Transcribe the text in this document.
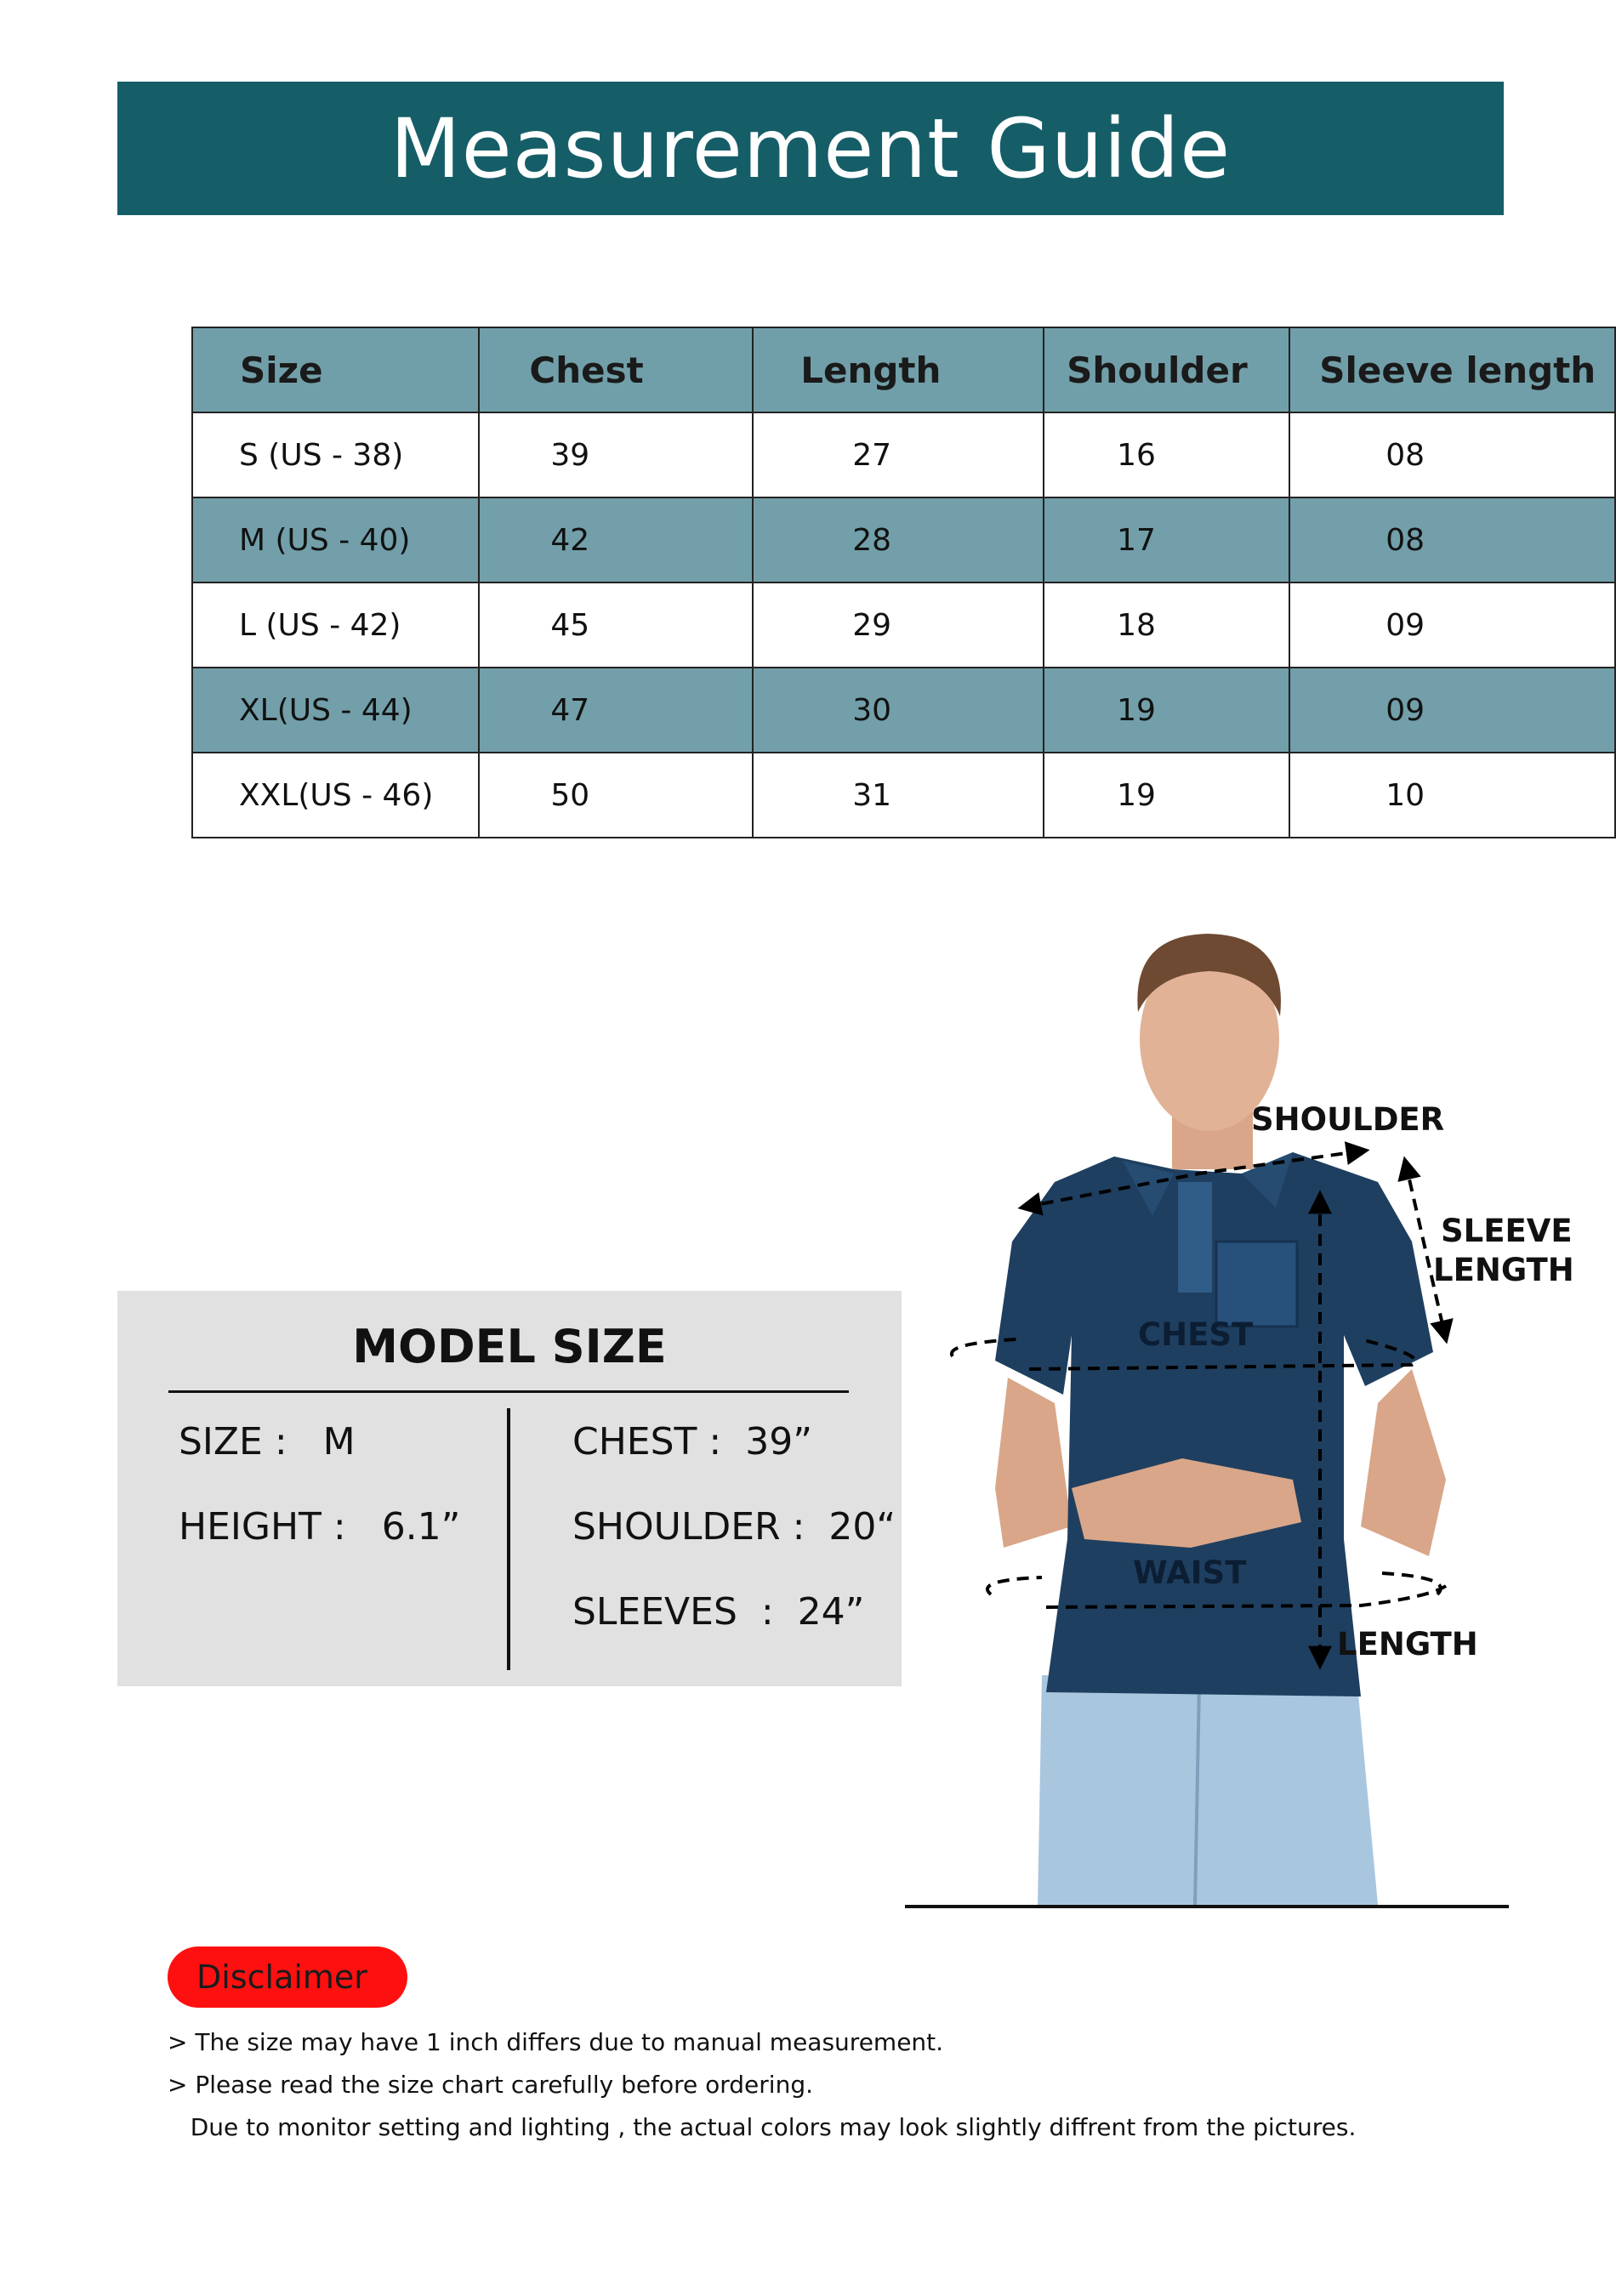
Measurement Guide
Size	Chest	Length	Shoulder	Sleeve length
S (US - 38)	39	27	16	08
M (US - 40)	42	28	17	08
L (US - 42)	45	29	18	09
XL(US - 44)	47	30	19	09
XXL(US - 46)	50	31	19	10
MODEL SIZE
SIZE :   M
HEIGHT :   6.1”
CHEST :  39”
SHOULDER :  20“
SLEEVES  :  24”
SHOULDER
SLEEVE
LENGTH
CHEST
WAIST
LENGTH
Disclaimer
> The size may have 1 inch differs due to manual measurement.
> Please read the size chart carefully before ordering.
Due to monitor setting and lighting , the actual colors may look slightly diffrent from the pictures.
